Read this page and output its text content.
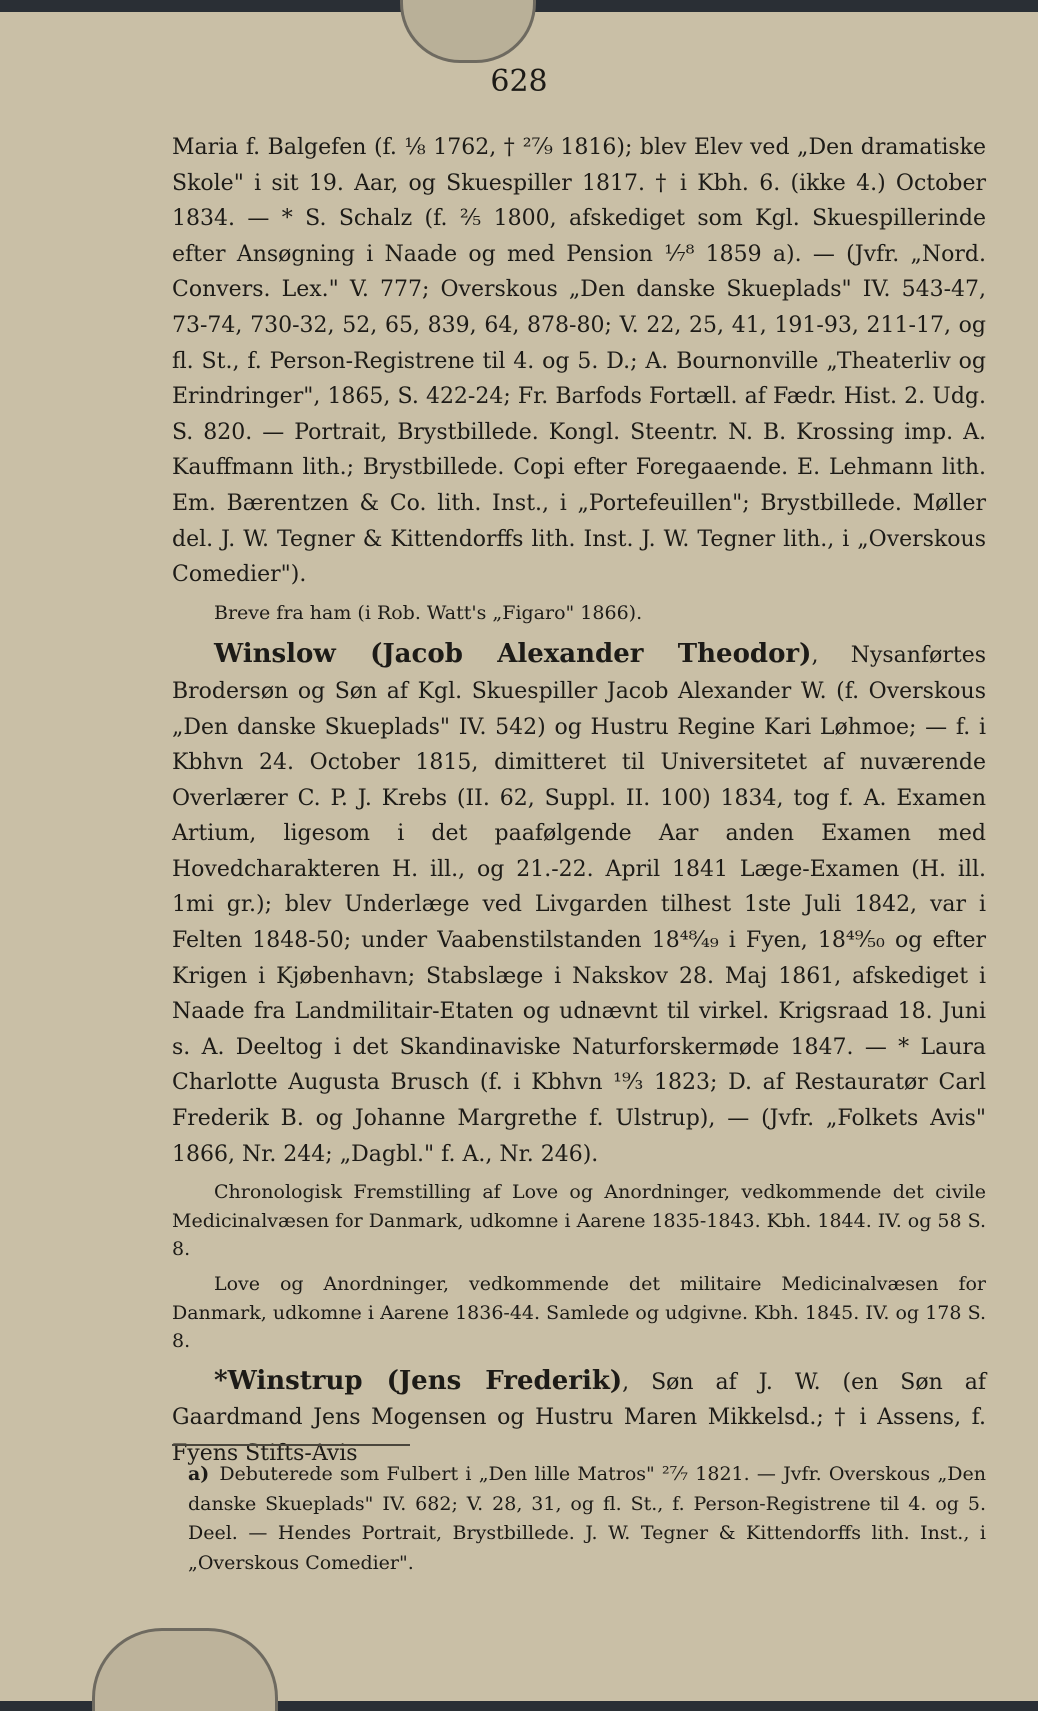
628

Maria f. Balgefen (f. ⅛ 1762, † ²⁷⁄₉ 1816); blev Elev ved „Den dramatiske Skole" i sit 19. Aar, og Skuespiller 1817. † i Kbh. 6. (ikke 4.) October 1834. — * S. Schalz (f. ²⁄₅ 1800, afskediget som Kgl. Skuespillerinde efter Ansøgning i Naade og med Pension ¹⁄₇⁸ 1859 a). — (Jvfr. „Nord. Convers. Lex." V. 777; Overskous „Den danske Skueplads" IV. 543-47, 73-74, 730-32, 52, 65, 839, 64, 878-80; V. 22, 25, 41, 191-93, 211-17, og fl. St., f. Person-Registrene til 4. og 5. D.; A. Bournonville „Theaterliv og Erindringer", 1865, S. 422-24; Fr. Barfods Fortæll. af Fædr. Hist. 2. Udg. S. 820. — Portrait, Brystbillede. Kongl. Steentr. N. B. Krossing imp. A. Kauffmann lith.; Brystbillede. Copi efter Foregaaende. E. Lehmann lith. Em. Bærentzen & Co. lith. Inst., i „Portefeuillen"; Brystbillede. Møller del. J. W. Tegner & Kittendorffs lith. Inst. J. W. Tegner lith., i „Overskous Comedier").

Breve fra ham (i Rob. Watt's „Figaro" 1866).

Winslow (Jacob Alexander Theodor), Nysanførtes Brodersøn og Søn af Kgl. Skuespiller Jacob Alexander W. (f. Overskous „Den danske Skueplads" IV. 542) og Hustru Regine Kari Løhmoe; — f. i Kbhvn 24. October 1815, dimitteret til Universitetet af nuværende Overlærer C. P. J. Krebs (II. 62, Suppl. II. 100) 1834, tog f. A. Examen Artium, ligesom i det paafølgende Aar anden Examen med Hovedcharakteren H. ill., og 21.-22. April 1841 Læge-Examen (H. ill. 1mi gr.); blev Underlæge ved Livgarden tilhest 1ste Juli 1842, var i Felten 1848-50; under Vaabenstilstanden 18⁴⁸⁄₄₉ i Fyen, 18⁴⁹⁄₅₀ og efter Krigen i Kjøbenhavn; Stabslæge i Nakskov 28. Maj 1861, afskediget i Naade fra Landmilitair-Etaten og udnævnt til virkel. Krigsraad 18. Juni s. A. Deeltog i det Skandinaviske Naturforskermøde 1847. — * Laura Charlotte Augusta Brusch (f. i Kbhvn ¹⁹⁄₃ 1823; D. af Restauratør Carl Frederik B. og Johanne Margrethe f. Ulstrup), — (Jvfr. „Folkets Avis" 1866, Nr. 244; „Dagbl." f. A., Nr. 246).

Chronologisk Fremstilling af Love og Anordninger, vedkommende det civile Medicinalvæsen for Danmark, udkomne i Aarene 1835-1843. Kbh. 1844. IV. og 58 S. 8.

Love og Anordninger, vedkommende det militaire Medicinalvæsen for Danmark, udkomne i Aarene 1836-44. Samlede og udgivne. Kbh. 1845. IV. og 178 S. 8.

*Winstrup (Jens Frederik), Søn af J. W. (en Søn af Gaardmand Jens Mogensen og Hustru Maren Mikkelsd.; † i Assens, f. Fyens Stifts-Avis

a) Debuterede som Fulbert i „Den lille Matros" ²⁷⁄₇ 1821. — Jvfr. Overskous „Den danske Skueplads" IV. 682; V. 28, 31, og fl. St., f. Person-Registrene til 4. og 5. Deel. — Hendes Portrait, Brystbillede. J. W. Tegner & Kittendorffs lith. Inst., i „Overskous Comedier".
